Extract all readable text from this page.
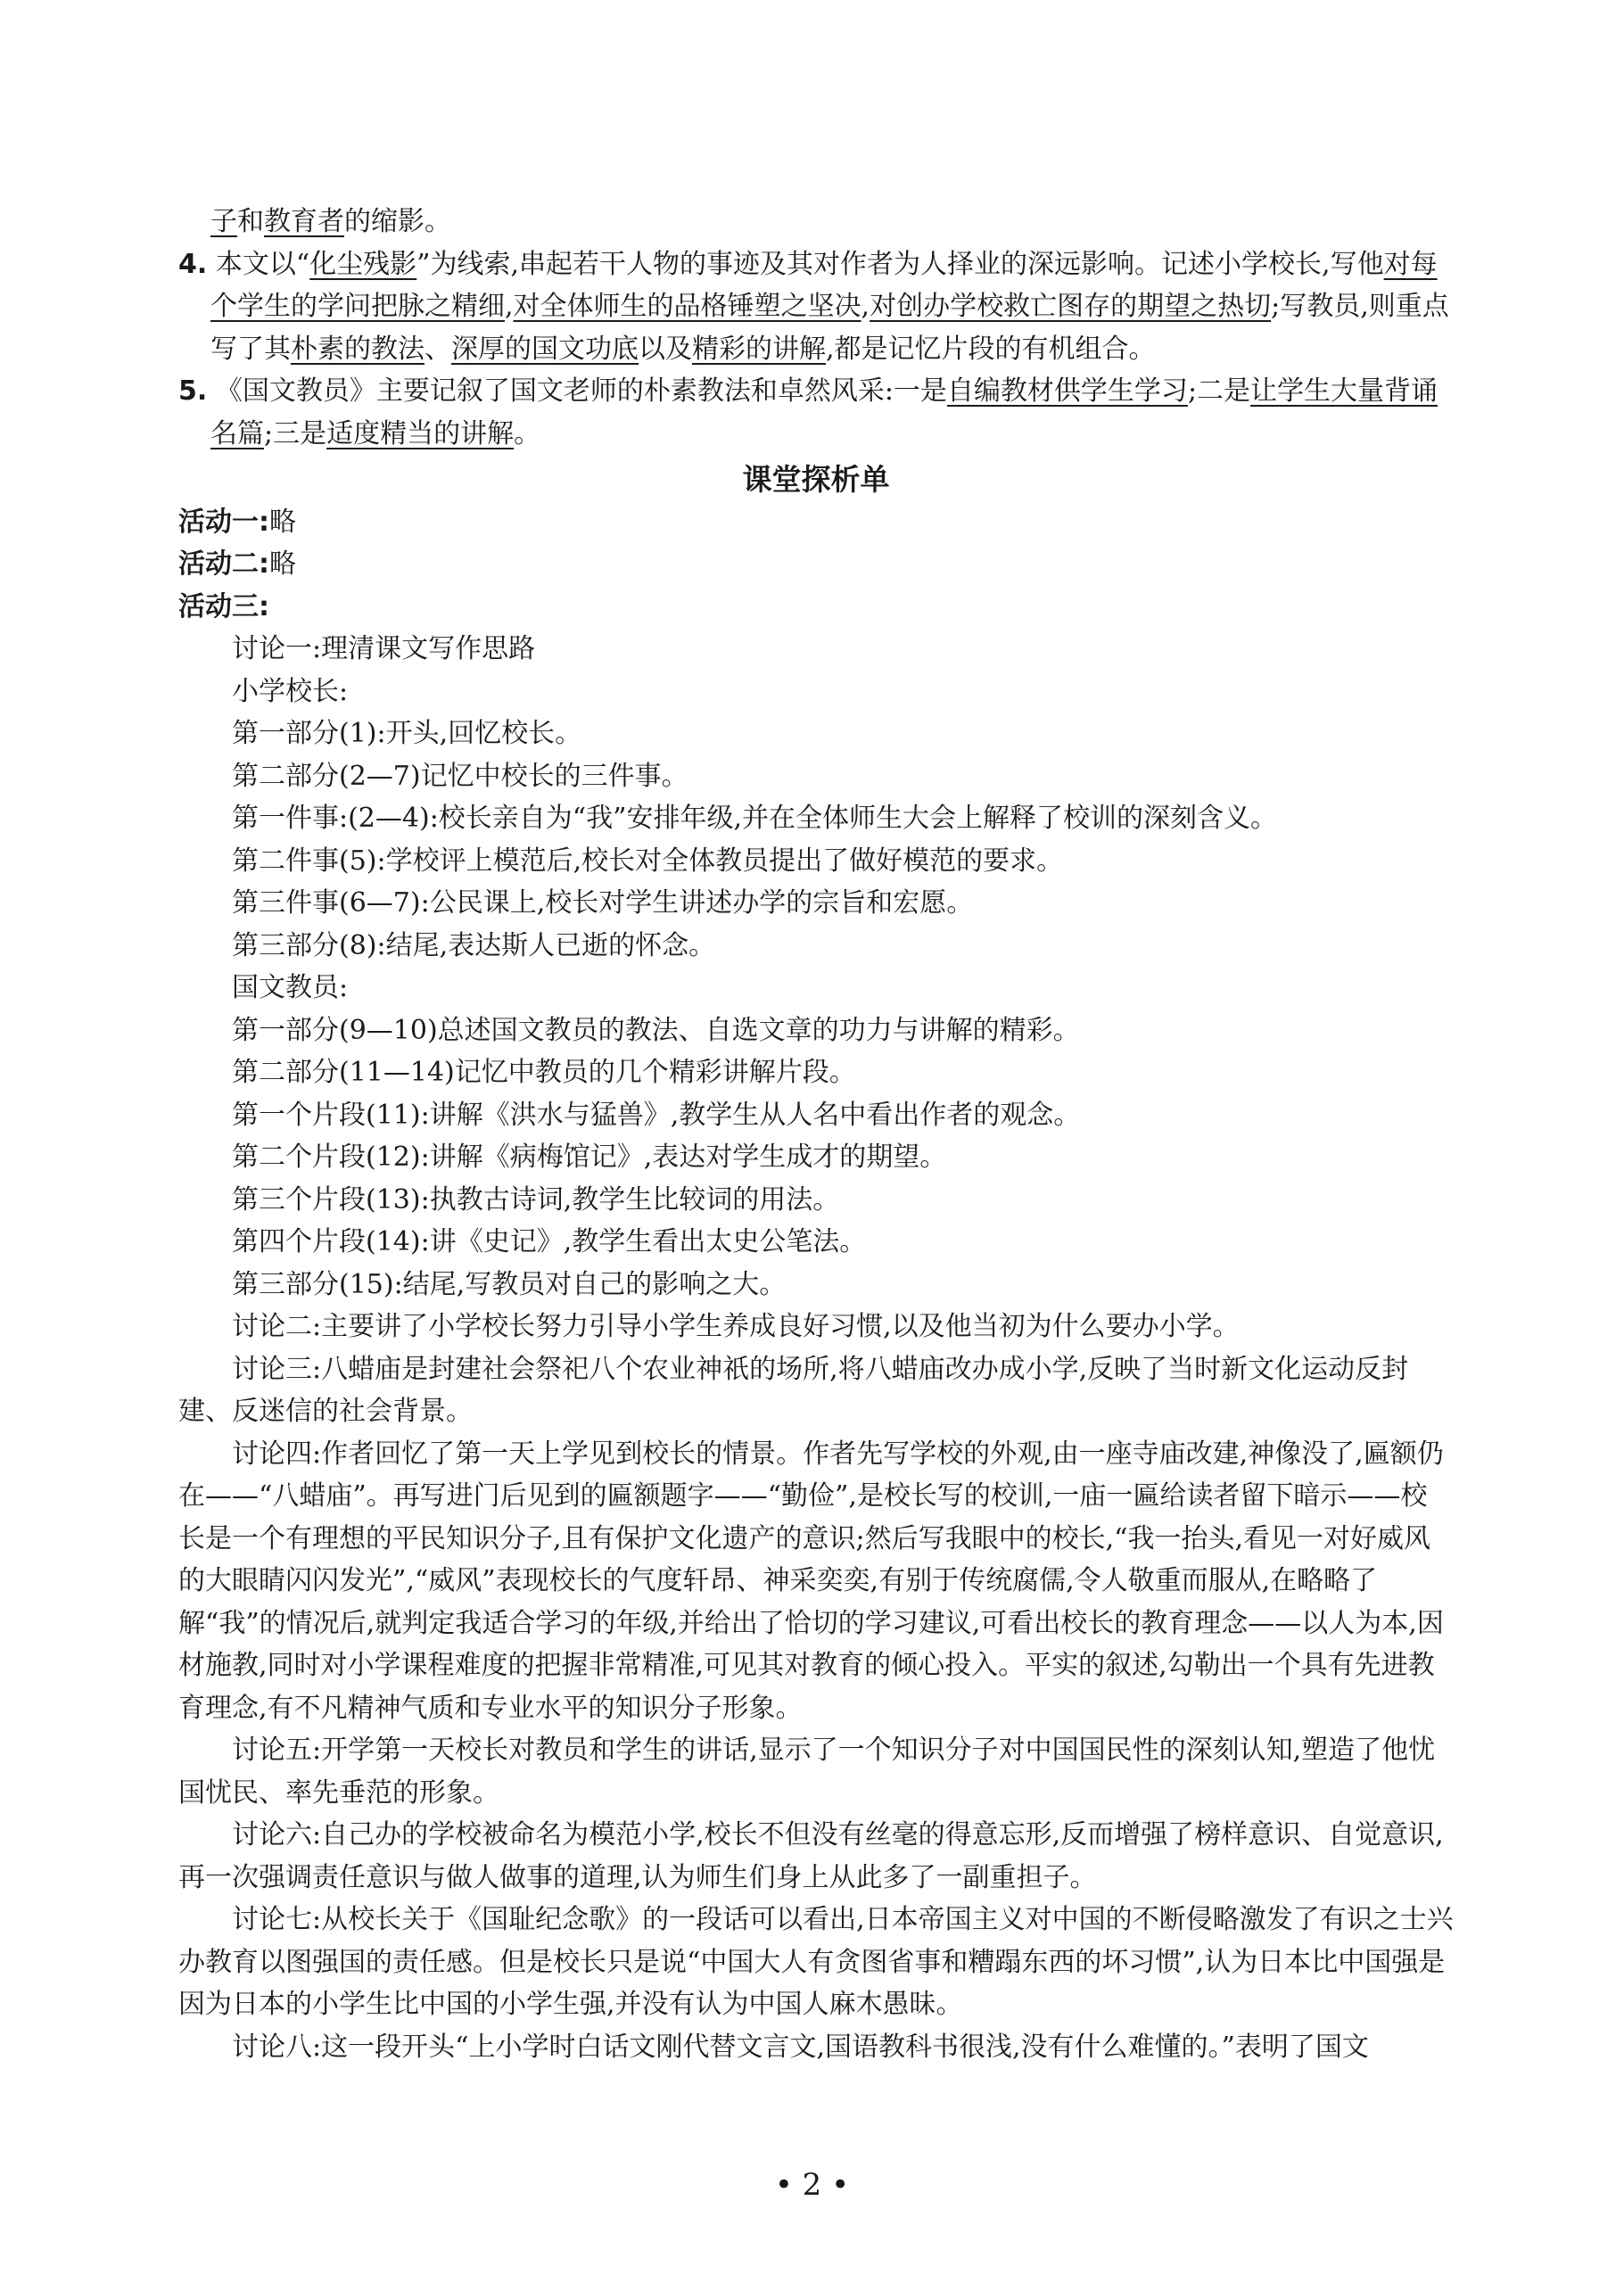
子和教育者的缩影。

4. 本文以“化尘残影”为线索,串起若干人物的事迹及其对作者为人择业的深远影响。记述小学校长,写他对每个学生的学问把脉之精细,对全体师生的品格锤塑之坚决,对创办学校救亡图存的期望之热切;写教员,则重点写了其朴素的教法、深厚的国文功底以及精彩的讲解,都是记忆片段的有机组合。

5. 《国文教员》主要记叙了国文老师的朴素教法和卓然风采:一是自编教材供学生学习;二是让学生大量背诵名篇;三是适度精当的讲解。

课堂探析单

活动一:略

活动二:略

活动三:

讨论一:理清课文写作思路

小学校长:

第一部分(1):开头,回忆校长。

第二部分(2—7)记忆中校长的三件事。

第一件事:(2—4):校长亲自为“我”安排年级,并在全体师生大会上解释了校训的深刻含义。

第二件事(5):学校评上模范后,校长对全体教员提出了做好模范的要求。

第三件事(6—7):公民课上,校长对学生讲述办学的宗旨和宏愿。

第三部分(8):结尾,表达斯人已逝的怀念。

国文教员:

第一部分(9—10)总述国文教员的教法、自选文章的功力与讲解的精彩。

第二部分(11—14)记忆中教员的几个精彩讲解片段。

第一个片段(11):讲解《洪水与猛兽》,教学生从人名中看出作者的观念。

第二个片段(12):讲解《病梅馆记》,表达对学生成才的期望。

第三个片段(13):执教古诗词,教学生比较词的用法。

第四个片段(14):讲《史记》,教学生看出太史公笔法。

第三部分(15):结尾,写教员对自己的影响之大。

讨论二:主要讲了小学校长努力引导小学生养成良好习惯,以及他当初为什么要办小学。

讨论三:八蜡庙是封建社会祭祀八个农业神祇的场所,将八蜡庙改办成小学,反映了当时新文化运动反封建、反迷信的社会背景。

讨论四:作者回忆了第一天上学见到校长的情景。作者先写学校的外观,由一座寺庙改建,神像没了,匾额仍在——“八蜡庙”。再写进门后见到的匾额题字——“勤俭”,是校长写的校训,一庙一匾给读者留下暗示——校长是一个有理想的平民知识分子,且有保护文化遗产的意识;然后写我眼中的校长,“我一抬头,看见一对好威风的大眼睛闪闪发光”,“威风”表现校长的气度轩昂、神采奕奕,有别于传统腐儒,令人敬重而服从,在略略了解“我”的情况后,就判定我适合学习的年级,并给出了恰切的学习建议,可看出校长的教育理念——以人为本,因材施教,同时对小学课程难度的把握非常精准,可见其对教育的倾心投入。平实的叙述,勾勒出一个具有先进教育理念,有不凡精神气质和专业水平的知识分子形象。

讨论五:开学第一天校长对教员和学生的讲话,显示了一个知识分子对中国国民性的深刻认知,塑造了他忧国忧民、率先垂范的形象。

讨论六:自己办的学校被命名为模范小学,校长不但没有丝毫的得意忘形,反而增强了榜样意识、自觉意识,再一次强调责任意识与做人做事的道理,认为师生们身上从此多了一副重担子。

讨论七:从校长关于《国耻纪念歌》的一段话可以看出,日本帝国主义对中国的不断侵略激发了有识之士兴办教育以图强国的责任感。但是校长只是说“中国大人有贪图省事和糟蹋东西的坏习惯”,认为日本比中国强是因为日本的小学生比中国的小学生强,并没有认为中国人麻木愚昧。

讨论八:这一段开头“上小学时白话文刚代替文言文,国语教科书很浅,没有什么难懂的。”表明了国文

• 2 •
